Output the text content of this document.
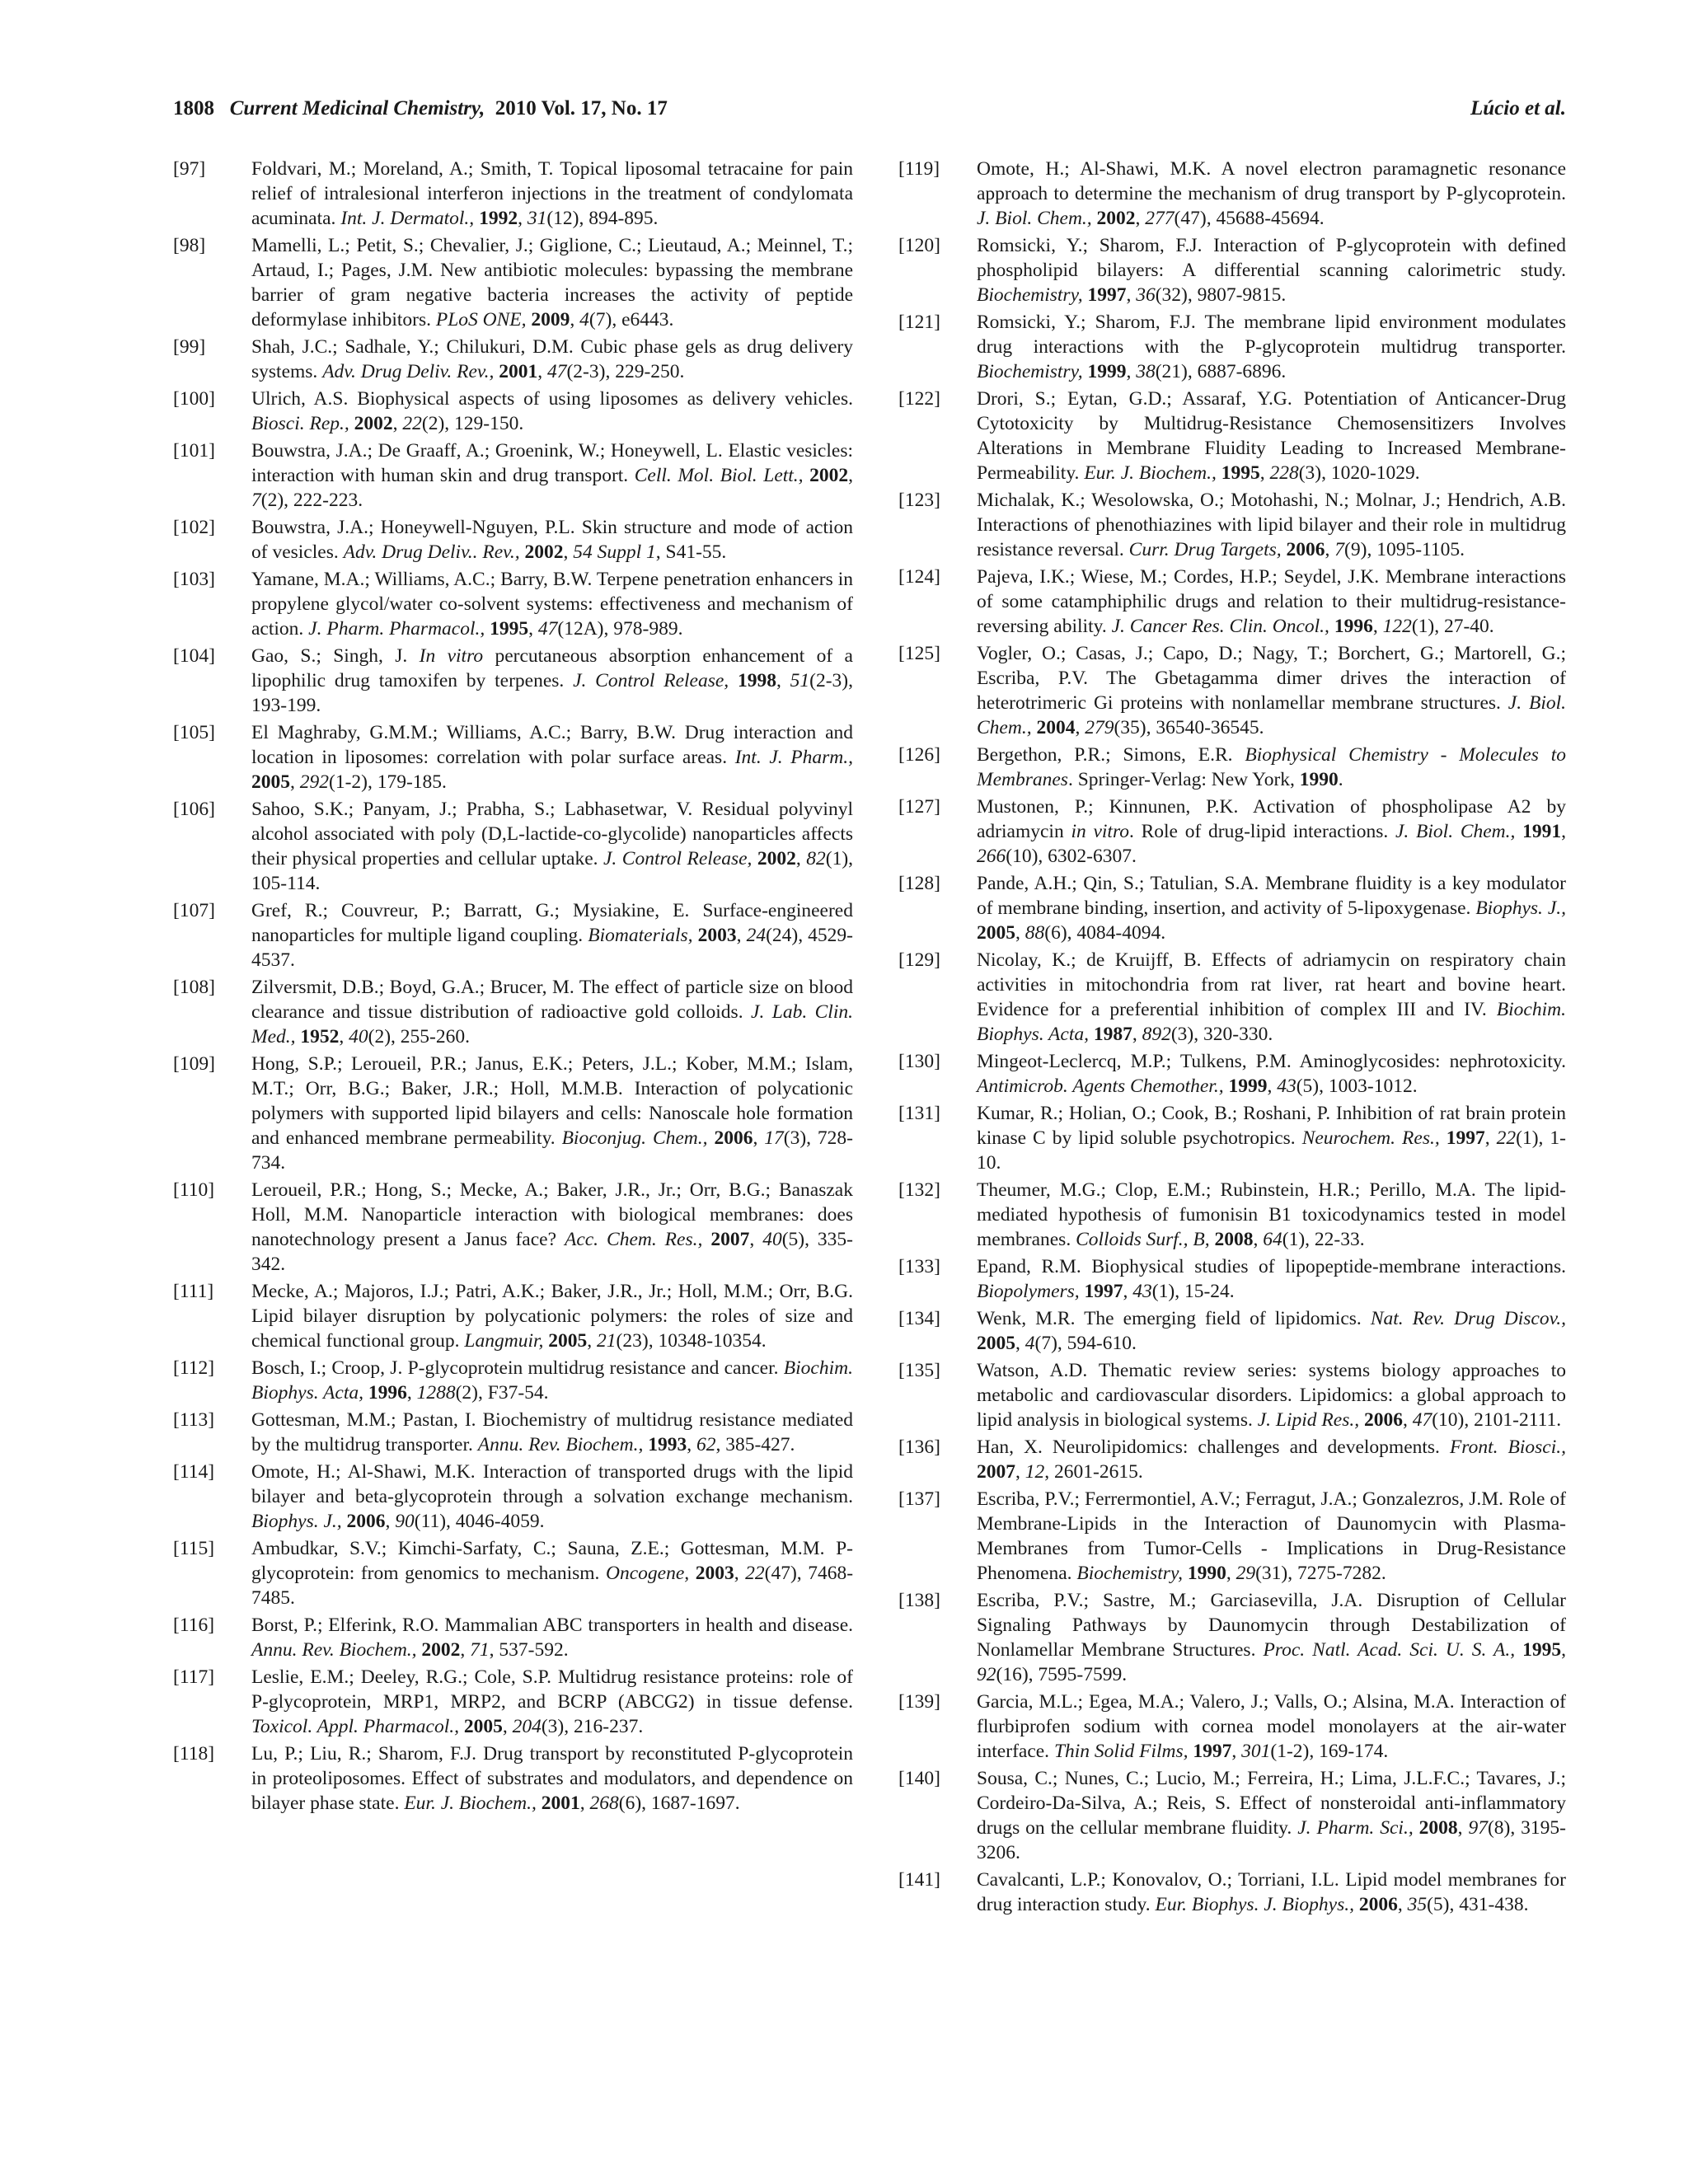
1808 Current Medicinal Chemistry, 2010 Vol. 17, No. 17	Lúcio et al.
[97] Foldvari, M.; Moreland, A.; Smith, T. Topical liposomal tetracaine for pain relief of intralesional interferon injections in the treatment of condylomata acuminata. Int. J. Dermatol., 1992, 31(12), 894-895.
[98] Mamelli, L.; Petit, S.; Chevalier, J.; Giglione, C.; Lieutaud, A.; Meinnel, T.; Artaud, I.; Pages, J.M. New antibiotic molecules: bypassing the membrane barrier of gram negative bacteria increases the activity of peptide deformylase inhibitors. PLoS ONE, 2009, 4(7), e6443.
[99] Shah, J.C.; Sadhale, Y.; Chilukuri, D.M. Cubic phase gels as drug delivery systems. Adv. Drug Deliv. Rev., 2001, 47(2-3), 229-250.
[100] Ulrich, A.S. Biophysical aspects of using liposomes as delivery vehicles. Biosci. Rep., 2002, 22(2), 129-150.
[101] Bouwstra, J.A.; De Graaff, A.; Groenink, W.; Honeywell, L. Elastic vesicles: interaction with human skin and drug transport. Cell. Mol. Biol. Lett., 2002, 7(2), 222-223.
[102] Bouwstra, J.A.; Honeywell-Nguyen, P.L. Skin structure and mode of action of vesicles. Adv. Drug Deliv.. Rev., 2002, 54 Suppl 1, S41-55.
[103] Yamane, M.A.; Williams, A.C.; Barry, B.W. Terpene penetration enhancers in propylene glycol/water co-solvent systems: effectiveness and mechanism of action. J. Pharm. Pharmacol., 1995, 47(12A), 978-989.
[104] Gao, S.; Singh, J. In vitro percutaneous absorption enhancement of a lipophilic drug tamoxifen by terpenes. J. Control Release, 1998, 51(2-3), 193-199.
[105] El Maghraby, G.M.M.; Williams, A.C.; Barry, B.W. Drug interaction and location in liposomes: correlation with polar surface areas. Int. J. Pharm., 2005, 292(1-2), 179-185.
[106] Sahoo, S.K.; Panyam, J.; Prabha, S.; Labhasetwar, V. Residual polyvinyl alcohol associated with poly (D,L-lactide-co-glycolide) nanoparticles affects their physical properties and cellular uptake. J. Control Release, 2002, 82(1), 105-114.
[107] Gref, R.; Couvreur, P.; Barratt, G.; Mysiakine, E. Surface-engineered nanoparticles for multiple ligand coupling. Biomaterials, 2003, 24(24), 4529-4537.
[108] Zilversmit, D.B.; Boyd, G.A.; Brucer, M. The effect of particle size on blood clearance and tissue distribution of radioactive gold colloids. J. Lab. Clin. Med., 1952, 40(2), 255-260.
[109] Hong, S.P.; Leroueil, P.R.; Janus, E.K.; Peters, J.L.; Kober, M.M.; Islam, M.T.; Orr, B.G.; Baker, J.R.; Holl, M.M.B. Interaction of polycationic polymers with supported lipid bilayers and cells: Nanoscale hole formation and enhanced membrane permeability. Bioconjug. Chem., 2006, 17(3), 728-734.
[110] Leroueil, P.R.; Hong, S.; Mecke, A.; Baker, J.R., Jr.; Orr, B.G.; Banaszak Holl, M.M. Nanoparticle interaction with biological membranes: does nanotechnology present a Janus face? Acc. Chem. Res., 2007, 40(5), 335-342.
[111] Mecke, A.; Majoros, I.J.; Patri, A.K.; Baker, J.R., Jr.; Holl, M.M.; Orr, B.G. Lipid bilayer disruption by polycationic polymers: the roles of size and chemical functional group. Langmuir, 2005, 21(23), 10348-10354.
[112] Bosch, I.; Croop, J. P-glycoprotein multidrug resistance and cancer. Biochim. Biophys. Acta, 1996, 1288(2), F37-54.
[113] Gottesman, M.M.; Pastan, I. Biochemistry of multidrug resistance mediated by the multidrug transporter. Annu. Rev. Biochem., 1993, 62, 385-427.
[114] Omote, H.; Al-Shawi, M.K. Interaction of transported drugs with the lipid bilayer and beta-glycoprotein through a solvation exchange mechanism. Biophys. J., 2006, 90(11), 4046-4059.
[115] Ambudkar, S.V.; Kimchi-Sarfaty, C.; Sauna, Z.E.; Gottesman, M.M. P-glycoprotein: from genomics to mechanism. Oncogene, 2003, 22(47), 7468-7485.
[116] Borst, P.; Elferink, R.O. Mammalian ABC transporters in health and disease. Annu. Rev. Biochem., 2002, 71, 537-592.
[117] Leslie, E.M.; Deeley, R.G.; Cole, S.P. Multidrug resistance proteins: role of P-glycoprotein, MRP1, MRP2, and BCRP (ABCG2) in tissue defense. Toxicol. Appl. Pharmacol., 2005, 204(3), 216-237.
[118] Lu, P.; Liu, R.; Sharom, F.J. Drug transport by reconstituted P-glycoprotein in proteoliposomes. Effect of substrates and modulators, and dependence on bilayer phase state. Eur. J. Biochem., 2001, 268(6), 1687-1697.
[119] Omote, H.; Al-Shawi, M.K. A novel electron paramagnetic resonance approach to determine the mechanism of drug transport by P-glycoprotein. J. Biol. Chem., 2002, 277(47), 45688-45694.
[120] Romsicki, Y.; Sharom, F.J. Interaction of P-glycoprotein with defined phospholipid bilayers: A differential scanning calorimetric study. Biochemistry, 1997, 36(32), 9807-9815.
[121] Romsicki, Y.; Sharom, F.J. The membrane lipid environment modulates drug interactions with the P-glycoprotein multidrug transporter. Biochemistry, 1999, 38(21), 6887-6896.
[122] Drori, S.; Eytan, G.D.; Assaraf, Y.G. Potentiation of Anticancer-Drug Cytotoxicity by Multidrug-Resistance Chemosensitizers Involves Alterations in Membrane Fluidity Leading to Increased Membrane-Permeability. Eur. J. Biochem., 1995, 228(3), 1020-1029.
[123] Michalak, K.; Wesolowska, O.; Motohashi, N.; Molnar, J.; Hendrich, A.B. Interactions of phenothiazines with lipid bilayer and their role in multidrug resistance reversal. Curr. Drug Targets, 2006, 7(9), 1095-1105.
[124] Pajeva, I.K.; Wiese, M.; Cordes, H.P.; Seydel, J.K. Membrane interactions of some catamphiphilic drugs and relation to their multidrug-resistance-reversing ability. J. Cancer Res. Clin. Oncol., 1996, 122(1), 27-40.
[125] Vogler, O.; Casas, J.; Capo, D.; Nagy, T.; Borchert, G.; Martorell, G.; Escriba, P.V. The Gbetagamma dimer drives the interaction of heterotrimeric Gi proteins with nonlamellar membrane structures. J. Biol. Chem., 2004, 279(35), 36540-36545.
[126] Bergethon, P.R.; Simons, E.R. Biophysical Chemistry - Molecules to Membranes. Springer-Verlag: New York, 1990.
[127] Mustonen, P.; Kinnunen, P.K. Activation of phospholipase A2 by adriamycin in vitro. Role of drug-lipid interactions. J. Biol. Chem., 1991, 266(10), 6302-6307.
[128] Pande, A.H.; Qin, S.; Tatulian, S.A. Membrane fluidity is a key modulator of membrane binding, insertion, and activity of 5-lipoxygenase. Biophys. J., 2005, 88(6), 4084-4094.
[129] Nicolay, K.; de Kruijff, B. Effects of adriamycin on respiratory chain activities in mitochondria from rat liver, rat heart and bovine heart. Evidence for a preferential inhibition of complex III and IV. Biochim. Biophys. Acta, 1987, 892(3), 320-330.
[130] Mingeot-Leclercq, M.P.; Tulkens, P.M. Aminoglycosides: nephrotoxicity. Antimicrob. Agents Chemother., 1999, 43(5), 1003-1012.
[131] Kumar, R.; Holian, O.; Cook, B.; Roshani, P. Inhibition of rat brain protein kinase C by lipid soluble psychotropics. Neurochem. Res., 1997, 22(1), 1-10.
[132] Theumer, M.G.; Clop, E.M.; Rubinstein, H.R.; Perillo, M.A. The lipid-mediated hypothesis of fumonisin B1 toxicodynamics tested in model membranes. Colloids Surf., B, 2008, 64(1), 22-33.
[133] Epand, R.M. Biophysical studies of lipopeptide-membrane interactions. Biopolymers, 1997, 43(1), 15-24.
[134] Wenk, M.R. The emerging field of lipidomics. Nat. Rev. Drug Discov., 2005, 4(7), 594-610.
[135] Watson, A.D. Thematic review series: systems biology approaches to metabolic and cardiovascular disorders. Lipidomics: a global approach to lipid analysis in biological systems. J. Lipid Res., 2006, 47(10), 2101-2111.
[136] Han, X. Neurolipidomics: challenges and developments. Front. Biosci., 2007, 12, 2601-2615.
[137] Escriba, P.V.; Ferrermontiel, A.V.; Ferragut, J.A.; Gonzalezros, J.M. Role of Membrane-Lipids in the Interaction of Daunomycin with Plasma-Membranes from Tumor-Cells - Implications in Drug-Resistance Phenomena. Biochemistry, 1990, 29(31), 7275-7282.
[138] Escriba, P.V.; Sastre, M.; Garciasevilla, J.A. Disruption of Cellular Signaling Pathways by Daunomycin through Destabilization of Nonlamellar Membrane Structures. Proc. Natl. Acad. Sci. U. S. A., 1995, 92(16), 7595-7599.
[139] Garcia, M.L.; Egea, M.A.; Valero, J.; Valls, O.; Alsina, M.A. Interaction of flurbiprofen sodium with cornea model monolayers at the air-water interface. Thin Solid Films, 1997, 301(1-2), 169-174.
[140] Sousa, C.; Nunes, C.; Lucio, M.; Ferreira, H.; Lima, J.L.F.C.; Tavares, J.; Cordeiro-Da-Silva, A.; Reis, S. Effect of nonsteroidal anti-inflammatory drugs on the cellular membrane fluidity. J. Pharm. Sci., 2008, 97(8), 3195-3206.
[141] Cavalcanti, L.P.; Konovalov, O.; Torriani, I.L. Lipid model membranes for drug interaction study. Eur. Biophys. J. Biophys., 2006, 35(5), 431-438.
